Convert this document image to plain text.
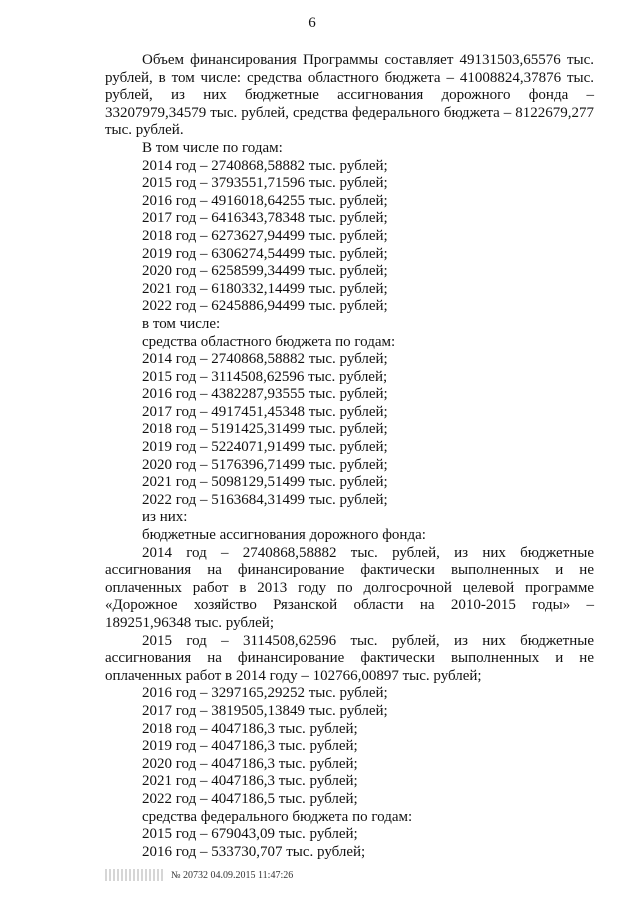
6

Объем финансирования Программы составляет 49131503,65576 тыс. рублей, в том числе: средства областного бюджета – 41008824,37876 тыс. рублей, из них бюджетные ассигнования дорожного фонда – 33207979,34579 тыс. рублей, средства федерального бюджета – 8122679,277 тыс. рублей.

В том числе по годам:
2014 год – 2740868,58882 тыс. рублей;
2015 год – 3793551,71596 тыс. рублей;
2016 год – 4916018,64255 тыс. рублей;
2017 год – 6416343,78348 тыс. рублей;
2018 год – 6273627,94499 тыс. рублей;
2019 год – 6306274,54499 тыс. рублей;
2020 год – 6258599,34499 тыс. рублей;
2021 год – 6180332,14499 тыс. рублей;
2022 год – 6245886,94499 тыс. рублей;
в том числе:
средства областного бюджета по годам:
2014 год – 2740868,58882 тыс. рублей;
2015 год – 3114508,62596 тыс. рублей;
2016 год – 4382287,93555 тыс. рублей;
2017 год – 4917451,45348 тыс. рублей;
2018 год – 5191425,31499 тыс. рублей;
2019 год – 5224071,91499 тыс. рублей;
2020 год – 5176396,71499 тыс. рублей;
2021 год – 5098129,51499 тыс. рублей;
2022 год – 5163684,31499 тыс. рублей;
из них:
бюджетные ассигнования дорожного фонда:

2014 год – 2740868,58882 тыс. рублей, из них бюджетные ассигнования на финансирование фактически выполненных и не оплаченных работ в 2013 году по долгосрочной целевой программе «Дорожное хозяйство Рязанской области на 2010-2015 годы» – 189251,96348 тыс. рублей;

2015 год – 3114508,62596 тыс. рублей, из них бюджетные ассигнования на финансирование фактически выполненных и не оплаченных работ в 2014 году – 102766,00897 тыс. рублей;

2016 год – 3297165,29252 тыс. рублей;
2017 год – 3819505,13849 тыс. рублей;
2018 год – 4047186,3 тыс. рублей;
2019 год – 4047186,3 тыс. рублей;
2020 год – 4047186,3 тыс. рублей;
2021 год – 4047186,3 тыс. рублей;
2022 год – 4047186,5 тыс. рублей;
средства федерального бюджета по годам:
2015 год – 679043,09 тыс. рублей;
2016 год – 533730,707 тыс. рублей;
№ 20732 04.09.2015 11:47:26
